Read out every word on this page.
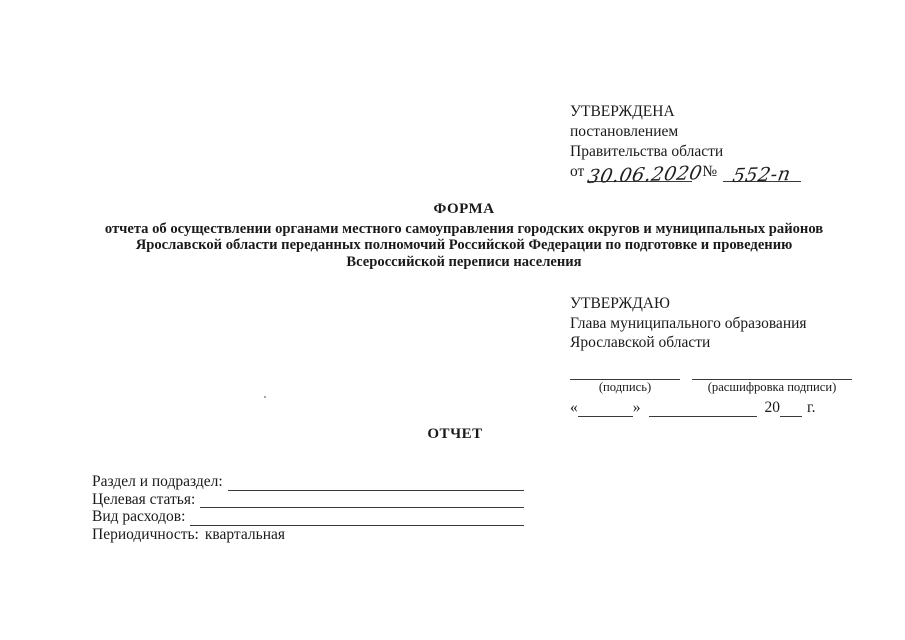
УТВЕРЖДЕНА
постановлением
Правительства области
от 30.06.2020
№ 552-п
ФОРМА
отчета об осуществлении органами местного самоуправления городских округов и муниципальных районов
Ярославской области переданных полномочий Российской Федерации по подготовке и проведению
Всероссийской переписи населения
УТВЕРЖДАЮ
Глава муниципального образования
Ярославской области
(подпись)	(расшифровка подписи)
«	»	20 г.
ОТЧЕТ
Раздел и подраздел:
Целевая статья:
Вид расходов:
Периодичность: квартальная
